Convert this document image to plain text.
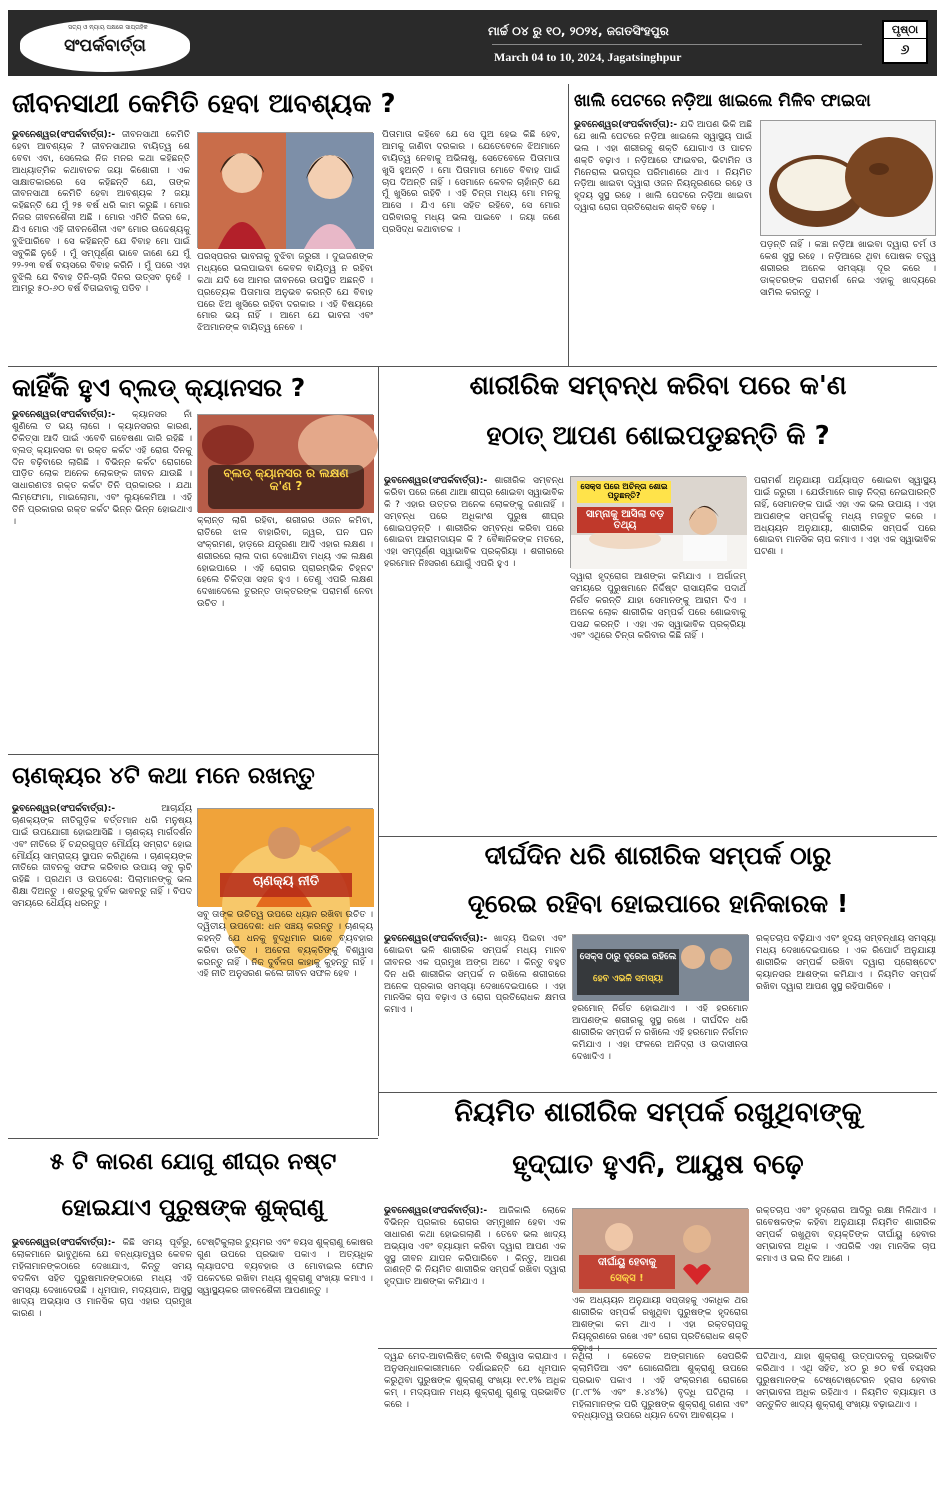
ସତ୍ୟ ଓ ନ୍ୟାୟ ପକ୍ଷରେ ସାପ୍ତାହିକ
ସଂପର୍କବାର୍ତ୍ତା
ମାର୍ଚ୍ଚ ୦୪ ରୁ ୧୦, ୨୦୨୪, ଜଗତସିଂହପୁର
March 04 to 10, 2024, Jagatsinghpur
ପୃଷ୍ଠା
୬
ଜୀବନସାଥୀ କେମିତି ହେବା ଆବଶ୍ୟକ ?
ଭୁବନେଶ୍ୱର(ସଂପର୍କବାର୍ତ୍ତା):- ଜୀବନସାଥୀ କେମିତି ହେବା ଆବଶ୍ୟକ ? ଜୀବନସାଥୀର ବାୟିତ୍ୱ ଶେ ବେବା ଏବା, ସେଲେଇ ନିଜ ମନର କଥା କହିଛନ୍ତି ଆଧ୍ୟାତ୍ମିକ କଥାବାଚକ ଜୟା କିଶୋରୀ । ଏକ ସାକ୍ଷାତକାରରେ ସେ କହିଛନ୍ତି ଯେ, ତାଙ୍କ ଜୀବନସାଥୀ କେମିତି ହେବା ଆବଶ୍ୟକ ? ଜୟା କହିଛନ୍ତି ଯେ ମୁଁ ୨୫ ବର୍ଷ ଧରି କାମ କରୁଛି । ମୋର ନିଜର ଜୀବନଶୈଳୀ ଅଛି । ମୋର ଏମିତି ଜିଜର କେ, ଯିଏ ମୋର ଏହି ଜୀବନଶୈଳୀ ଏବଂ ମୋର ଉଦ୍ଦେଶ୍ୟକୁ ବୁଝିପାରିବେ । ସେ କହିଛନ୍ତି ଯେ ବିବାହ ମୋ ପାଇଁ ସବୁକିଛି ନୁହେଁ । ମୁଁ ସମ୍ପୂର୍ଣ୍ଣ ଭାବେ ଜାଣେ ଯେ ମୁଁ ୨୨-୨୩ ବର୍ଷ ବୟସରେ ବିବାହ କରିନି । ମୁଁ ପରେ ଏହା ବୁଝିଲି ଯେ ବିବାହ ତିନି-ଚାରି ଦିନର ଉତ୍ସବ ନୁହେଁ । ଆମରୁ ୫୦-୬୦ ବର୍ଷ ବିତାଇବାକୁ ପଡିବ ।
ପରସ୍ପରର ଭାବନାକୁ ବୁଝିବା ଜରୁରୀ । ଦୁଇଜଣଙ୍କ ମଧ୍ୟରେ ଭଲପାଇବା କେବଳ ବାୟିତ୍ୱ ନ ରହିବା କଥା ଯଦି ସେ ଆମର ଜୀବନରେ ଉପସ୍ଥିତ ଅଛନ୍ତି । ପ୍ରତ୍ୟେକ ପିତାମାତା ଅନୁଭବ କରନ୍ତି ଯେ ବିବାହ ପରେ ଝିଅ ଖୁସିରେ ରହିବା ଦରକାର । ଏହି ବିଷୟରେ ମୋର ଭୟ ନାହିଁ । ଆମେ ଯେ ଭାବନା ଏବଂ ଝିଅମାନଙ୍କ ବାୟିତ୍ୱ ନେବେ ।
ପିତାମାତା କହିବେ ଯେ ସେ ପୁଅ ହେଇ କିଛି ହେବ, ଆମକୁ ଜାଣିବା ଦରକାର । ଯେତେବେଳେ ଝିଅମାନେ ବାୟିତ୍ୱ ନେବାକୁ ଅଭିଳାଷୁ, ସେତେବେଳେ ପିତାମାତା ଖୁସି ହୁଅନ୍ତି । ମୋ ପିତାମାତା ମୋତେ ବିବାହ ପାଇଁ ଚାପ ଦିଅନ୍ତି ନାହିଁ । ସେମାନେ କେବଳ ଚାହାଁନ୍ତି ଯେ ମୁଁ ଖୁସିରେ ରହିବି । ଏହି ଚିନ୍ତା ମଧ୍ୟ ମୋ ମନକୁ ଆସେ । ଯିଏ ମୋ ସହିତ ରହିବେ, ସେ ମୋର ପରିବାରକୁ ମଧ୍ୟ ଭଲ ପାଇବେ । ଜୟା ଜଣେ ପ୍ରସିଦ୍ଧ କଥାବାଚକ ।
ଖାଲି ପେଟରେ ନଡ଼ିଆ ଖାଇଲେ ମିଳିବ ଫାଇଦା
ଭୁବନେଶ୍ୱର(ସଂପର୍କବାର୍ତ୍ତା):- ଯଦି ଆପଣ ଭିକି ଅଛି ଯେ ଖାଲି ପେଟରେ ନଡ଼ିଆ ଖାଇଲେ ସ୍ୱାସ୍ଥ୍ୟ ପାଇଁ ଭଲ । ଏହା ଶରୀରକୁ ଶକ୍ତି ଯୋଗାଏ ଓ ପାଚନ ଶକ୍ତି ବଢ଼ାଏ । ନଡ଼ିଆରେ ଫାଇବର, ଭିଟାମିନ ଓ ମିନେରାଲ ଭରପୂର ପରିମାଣରେ ଥାଏ । ନିୟମିତ ନଡ଼ିଆ ଖାଇବା ଦ୍ୱାରା ଓଜନ ନିୟନ୍ତ୍ରଣରେ ରହେ ଓ ହୃଦୟ ସୁସ୍ଥ ରହେ । ଖାଲି ପେଟରେ ନଡ଼ିଆ ଖାଇବା ଦ୍ୱାରା ରୋଗ ପ୍ରତିରୋଧକ ଶକ୍ତି ବଢ଼େ ।
ପଡ଼ନ୍ତି ନାହିଁ । କଞ୍ଚା ନଡ଼ିଆ ଖାଇବା ଦ୍ୱାରା ଚର୍ମ ଓ କେଶ ସୁସ୍ଥ ରହେ । ନଡ଼ିଆରେ ଥିବା ପୋଷକ ତତ୍ତ୍ୱ ଶରୀରର ଅନେକ ସମସ୍ୟା ଦୂର କରେ । ଡାକ୍ତରଙ୍କ ପରାମର୍ଶ ନେଇ ଏହାକୁ ଖାଦ୍ୟରେ ସାମିଲ କରନ୍ତୁ ।
କାହିଁକି ହୁଏ ବ୍ଲଡ୍ କ୍ୟାନସର ?
ଭୁବନେଶ୍ୱର(ସଂପର୍କବାର୍ତ୍ତା):- କ୍ୟାନସର ନାଁ ଶୁଣିଲେ ତ ଭୟ ଲାଗେ । କ୍ୟାନସରର କାରଣ, ଚିକିତ୍ସା ଆଦି ପାଇଁ ଏବେବି ଗବେଷଣା ଜାରି ରହିଛି । ବ୍ଲଡ୍ କ୍ୟାନସର ବା ରକ୍ତ କର୍କଟ ଏହି ରୋଗ ଦିନକୁ ଦିନ ବଢ଼ିବାରେ ଲାଗିଛି । ବିଭିନ୍ନ କର୍କଟ ରୋଗରେ ପୀଡ଼ିତ ଲୋକ ଅନେକ ଲୋକଙ୍କ ଜୀବନ ଯାଉଛି । ସାଧାରଣତଃ ରକ୍ତ କର୍କଟ ତିନି ପ୍ରକାରର । ଯଥା ଲିମ୍ଫୋମା, ମାଇଲୋମା, ଏବଂ ଲ୍ୟୁକେମିଆ । ଏହି ତିନି ପ୍ରକାରର ରକ୍ତ କର୍କଟ ଭିନ୍ନ ଭିନ୍ନ ହୋଇଥାଏ ।
ବ୍ଲଡ୍ କ୍ୟାନସର ର ଲକ୍ଷଣ କ'ଣ ?
କ୍ଲାନ୍ତ ଲାଗି ରହିବା, ଶରୀରର ଓଜନ କମିବା, ରାତିରେ ଝାଳ ବାହାରିବା, ଜ୍ୱର, ଘନ ଘନ ସଂକ୍ରମଣ, ହାଡ଼ରେ ଯନ୍ତ୍ରଣା ଆଦି ଏହାର ଲକ୍ଷଣ । ଶରୀରରେ ଲାଲ ଦାଗ ଦେଖାଯିବା ମଧ୍ୟ ଏକ ଲକ୍ଷଣ ହୋଇପାରେ । ଏହି ରୋଗର ପ୍ରାରମ୍ଭିକ ଚିହ୍ନଟ ହେଲେ ଚିକିତ୍ସା ସହଜ ହୁଏ । ତେଣୁ ଏପରି ଲକ୍ଷଣ ଦେଖାଦେଲେ ତୁରନ୍ତ ଡାକ୍ତରଙ୍କ ପରାମର୍ଶ ନେବା ଉଚିତ ।
ଶାରୀରିକ ସମ୍ବନ୍ଧ କରିବା ପରେ କ'ଣ
ହଠାତ୍ ଆପଣ ଶୋଇପଡୁଛନ୍ତି କି ?
ଭୁବନେଶ୍ୱର(ସଂପର୍କବାର୍ତ୍ତା):- ଶାରୀରିକ ସମ୍ବନ୍ଧ କରିବା ପରେ ଜଣେ ଥାଆ ଶୀଘ୍ର ଶୋଇବା ସ୍ୱାଭାବିକ କି ? ଏହାର ଉତ୍ତର ଅନେକ ଲୋକଙ୍କୁ ଜଣାନାହିଁ । ସମ୍ବନ୍ଧ ପରେ ଅଧିକାଂଶ ପୁରୁଷ ଶୀଘ୍ର ଶୋଇପଡ଼ନ୍ତି । ଶାରୀରିକ ସମ୍ବନ୍ଧ କରିବା ପରେ ଶୋଇବା ଆରାମଦାୟକ କି ? ବୈଜ୍ଞାନିକଙ୍କ ମତରେ, ଏହା ସମ୍ପୂର୍ଣ୍ଣ ସ୍ୱାଭାବିକ ପ୍ରକ୍ରିୟା । ଶରୀରରେ ହରମୋନ ନିଃସରଣ ଯୋଗୁଁ ଏପରି ହୁଏ ।
ସେକ୍ସ ପରେ ଅଚିନ୍ତା ଶୋଇ ପଡୁଛନ୍ତି?
ସାମ୍ନାକୁ ଆସିଲା ବଡ଼ ତଥ୍ୟ
ଦ୍ୱାରା ହୃଦ୍ରୋଗ ଆଶଙ୍କା କମିଯାଏ । ଅର୍ଗାଜମ୍ ସମୟରେ ପୁରୁଷମାନେ ନିର୍ଦ୍ଦିଷ୍ଟ ରାସାୟନିକ ପଦାର୍ଥ ନିର୍ଗତ କରନ୍ତି ଯାହା ସେମାନଙ୍କୁ ଆରାମ ଦିଏ । ଅନେକ ଲୋକ ଶାରୀରିକ ସମ୍ପର୍କ ପରେ ଶୋଇବାକୁ ପସନ୍ଦ କରନ୍ତି । ଏହା ଏକ ସ୍ୱାଭାବିକ ପ୍ରକ୍ରିୟା ଏବଂ ଏଥିରେ ଚିନ୍ତା କରିବାର କିଛି ନାହିଁ ।
ପରାମର୍ଶ ଅନୁଯାୟୀ ପର୍ଯ୍ୟାପ୍ତ ଶୋଇବା ସ୍ୱାସ୍ଥ୍ୟ ପାଇଁ ଜରୁରୀ । ଯେଉଁମାନେ ଗାଢ଼ ନିଦ୍ରା ନେଇପାରନ୍ତି ନାହିଁ, ସେମାନଙ୍କ ପାଇଁ ଏହା ଏକ ଭଲ ଉପାୟ । ଏହା ଆପଣଙ୍କ ସମ୍ପର୍କକୁ ମଧ୍ୟ ମଜବୁତ କରେ । ଅଧ୍ୟୟନ ଅନୁଯାୟୀ, ଶାରୀରିକ ସମ୍ପର୍କ ପରେ ଶୋଇବା ମାନସିକ ଚାପ କମାଏ । ଏହା ଏକ ସ୍ୱାଭାବିକ ଘଟଣା ।
ଚାଣକ୍ୟର ୪ଟି କଥା ମନେ ରଖନ୍ତୁ
ଭୁବନେଶ୍ୱର(ସଂପର୍କବାର୍ତ୍ତା):-	ଆଚାର୍ଯ୍ୟ ଚାଣକ୍ୟଙ୍କ ନୀତିଗୁଡ଼ିକ ବର୍ତ୍ତମାନ ଧରି ମନୁଷ୍ୟ ପାଇଁ ଉପଯୋଗୀ ହୋଇଆସିଛି । ଚାଣକ୍ୟ ମାର୍ଗଦର୍ଶନ ଏବଂ ନୀତିରେ ହିଁ ଚନ୍ଦ୍ରଗୁପ୍ତ ମୌର୍ଯ୍ୟ ସମ୍ରାଟ ହୋଇ ମୌର୍ଯ୍ୟ ସାମ୍ରାଜ୍ୟ ସ୍ଥାପନ କରିଥିଲେ । ଚାଣକ୍ୟଙ୍କ ନୀତିରେ ଜୀବନକୁ ସଫଳ କରିବାର ଉପାୟ ସବୁ ଲୁଚି ରହିଛି । ପ୍ରଥମ ଓ ଉପଦେଶ: ପିଲାମାନଙ୍କୁ ଭଲ ଶିକ୍ଷା ଦିଅନ୍ତୁ । ଶତ୍ରୁକୁ ଦୁର୍ବଳ ଭାବନ୍ତୁ ନାହିଁ । ବିପଦ ସମୟରେ ଧୈର୍ଯ୍ୟ ଧରନ୍ତୁ ।
ଚାଣକ୍ୟ ନୀତି
ସବୁ ତାଙ୍କ ଉଚିତ୍ୱ ଉପରେ ଧ୍ୟାନ ରଖିବା ଉଚିତ । ଦ୍ୱିତୀୟ ଉପଦେଶ: ଧନ ସଞ୍ଚୟ କରନ୍ତୁ । ଚାଣକ୍ୟ କହନ୍ତି ଯେ ଧନକୁ ବୁଦ୍ଧିମାନ ଭାବେ ବ୍ୟବହାର କରିବା ଉଚିତ । ଅଚେନା ବ୍ୟକ୍ତିଙ୍କୁ ବିଶ୍ୱାସ କରନ୍ତୁ ନାହିଁ । ନିଜ ଦୁର୍ବଳତା କାହାକୁ କୁହନ୍ତୁ ନାହିଁ । ଏହି ନୀତି ଅନୁସରଣ କଲେ ଜୀବନ ସଫଳ ହେବ ।
ଦୀର୍ଘଦିନ ଧରି ଶାରୀରିକ ସମ୍ପର୍କ ଠାରୁ
ଦୂରେଇ ରହିବା ହୋଇପାରେ ହାନିକାରକ !
ଭୁବନେଶ୍ୱର(ସଂପର୍କବାର୍ତ୍ତା):- ଖାଦ୍ୟ ପିଇବା ଏବଂ ଶୋଇବା ଭଳି ଶାରୀରିକ ସମ୍ପର୍କ ମଧ୍ୟ ମାନବ ଜୀବନର ଏକ ପ୍ରମୁଖ ଅଙ୍ଗ ଅଟେ । କିନ୍ତୁ ବହୁତ ଦିନ ଧରି ଶାରୀରିକ ସମ୍ପର୍କ ନ ରଖିଲେ ଶରୀରରେ ଅନେକ ପ୍ରକାର ସମସ୍ୟା ଦେଖାଦେଇପାରେ । ଏହା ମାନସିକ ଚାପ ବଢ଼ାଏ ଓ ରୋଗ ପ୍ରତିରୋଧକ କ୍ଷମତା କମାଏ ।
ସେକ୍ସ ଠାରୁ ଦୂରେଇ ରହିଲେ
ହେବ ଏଭଳି ସମସ୍ୟା
ହରମୋନ୍ ନିର୍ଗତ ହୋଇଥାଏ । ଏହି ହରମୋନ ଆପଣଙ୍କ ଶରୀରକୁ ସୁସ୍ଥ ରଖେ । ଦୀର୍ଘଦିନ ଧରି ଶାରୀରିକ ସମ୍ପର୍କ ନ ରଖିଲେ ଏହି ହରମୋନ ନିର୍ଗମନ କମିଯାଏ । ଏହା ଫଳରେ ଅନିଦ୍ରା ଓ ଉଦାସୀନତା ଦେଖାଦିଏ ।
ରକ୍ତଚାପ ବଢ଼ିଯାଏ ଏବଂ ହୃଦୟ ସମ୍ବନ୍ଧୀୟ ସମସ୍ୟା ମଧ୍ୟ ଦେଖାଦେଇପାରେ । ଏକ ରିପୋର୍ଟ ଅନୁଯାୟୀ ଶାରୀରିକ ସମ୍ପର୍କ ରଖିବା ଦ୍ୱାରା ପ୍ରୋଷ୍ଟେଟ କ୍ୟାନସର ଆଶଙ୍କା କମିଯାଏ । ନିୟମିତ ସମ୍ପର୍କ ରଖିବା ଦ୍ୱାରା ଆପଣ ସୁସ୍ଥ ରହିପାରିବେ ।
ନିୟମିତ ଶାରୀରିକ ସମ୍ପର୍କ ରଖୁଥିବାଙ୍କୁ
ହୃଦ୍‌ଘାତ ହୁଏନି, ଆୟୁଷ ବଢ଼େ
ଭୁବନେଶ୍ୱର(ସଂପର୍କବାର୍ତ୍ତା):- ଆଜିକାଲି ଲୋକେ ବିଭିନ୍ନ ପ୍ରକାର ରୋଗର ସମ୍ମୁଖୀନ ହେବା ଏକ ସାଧାରଣ କଥା ହୋଇଗଲାଣି । ତେବେ ଭଲ ଖାଦ୍ୟ ଅଭ୍ୟାସ ଏବଂ ବ୍ୟାୟାମ କରିବା ଦ୍ୱାରା ଆପଣ ଏକ ସୁସ୍ଥ ଜୀବନ ଯାପନ କରିପାରିବେ । କିନ୍ତୁ, ଆପଣ ଜାଣନ୍ତି କି ନିୟମିତ ଶାରୀରିକ ସମ୍ପର୍କ ରଖିବା ଦ୍ୱାରା ହୃଦ୍‌ଘାତ ଆଶଙ୍କା କମିଯାଏ ।
ଦୀର୍ଘାୟୁ ହେବାକୁ
ସେକ୍ସ !
ଏକ ଅଧ୍ୟୟନ ଅନୁଯାୟୀ ସପ୍ତାହକୁ ଏକାଧିକ ଥର ଶାରୀରିକ ସମ୍ପର୍କ ରଖୁଥିବା ପୁରୁଷଙ୍କ ହୃଦରୋଗ ଆଶଙ୍କା କମ ଥାଏ । ଏହା ରକ୍ତଚାପକୁ ନିୟନ୍ତ୍ରଣରେ ରଖେ ଏବଂ ରୋଗ ପ୍ରତିରୋଧକ ଶକ୍ତି
ରକ୍ତଚାପ ଏବଂ ହୃଦ୍ରୋଗ ଆଦିରୁ ରକ୍ଷା ମିଳିଥାଏ । ଗବେଷକଙ୍କ କହିବା ଅନୁଯାୟୀ ନିୟମିତ ଶାରୀରିକ ସମ୍ପର୍କ ରଖୁଥିବା ବ୍ୟକ୍ତିଙ୍କ ଦୀର୍ଘାୟୁ ହେବାର ସମ୍ଭାବନା ଅଧିକ । ଏପରିକି ଏହା ମାନସିକ ଚାପ କମାଏ ଓ ଭଲ ନିଦ ଆଣେ ।
୫ ଟି କାରଣ ଯୋଗୁ ଶୀଘ୍ର ନଷ୍ଟ
ହୋଇଯାଏ ପୁରୁଷଙ୍କ ଶୁକ୍ରାଣୁ
ଭୁବନେଶ୍ୱର(ସଂପର୍କବାର୍ତ୍ତା):- କିଛି ସମୟ ପୂର୍ବରୁ, ଲୋକମାନେ ଭାବୁଥିଲେ ଯେ ବନ୍ଧ୍ୟାତ୍ୱର କେବଳ ମହିଳାମାନଙ୍କଠାରେ ଦେଖାଯାଏ, କିନ୍ତୁ ସମୟ ବଦଳିବା ସହିତ ପୁରୁଷମାନଙ୍କଠାରେ ମଧ୍ୟ ଏହି ସମସ୍ୟା ଦେଖାଦେଉଛି । ଧୂମପାନ, ମଦ୍ୟପାନ, ଅସୁସ୍ଥ ଖାଦ୍ୟ ଅଭ୍ୟାସ ଓ ମାନସିକ ଚାପ ଏହାର ପ୍ରମୁଖ କାରଣ ।
ଟେଷ୍ଟିକୁଲାର ଟ୍ୟୁମର ଏବଂ ବୟସ ଶୁକ୍ରାଣୁ କୋଷର ଗୁଣ ଉପରେ ପ୍ରଭାବ ପକାଏ । ଅତ୍ୟଧିକ ଲ୍ୟାପଟପ ବ୍ୟବହାର ଓ ମୋବାଇଲ ଫୋନ ପକେଟରେ ରଖିବା ମଧ୍ୟ ଶୁକ୍ରାଣୁ ସଂଖ୍ୟା କମାଏ । ସ୍ୱାସ୍ଥ୍ୟକର ଜୀବନଶୈଳୀ ଆପଣାନ୍ତୁ ।
ଦ୍ୱନ୍ଦ ମେଦ-ଆବାଲିଷିତ୍ ବୋଲି ବିଶ୍ୱାସ କରାଯାଏ । ଅନୁସନ୍ଧାନକାରୀମାନେ ଦର୍ଶାଇଛନ୍ତି ଯେ ଧୂମପାନ କରୁଥିବା ପୁରୁଷଙ୍କ ଶୁକ୍ରାଣୁ ସଂଖ୍ୟା ୧୯.୧% ଅଧିକ କମ୍ । ମଦ୍ୟପାନ ମଧ୍ୟ ଶୁକ୍ରାଣୁ ଗୁଣକୁ ପ୍ରଭାବିତ କରେ ।
ନଥିଲା । କେତେକ ଅଙ୍ଗମାନେ ସେପରିକି କ୍ଲାମିଡିଆ ଏବଂ ଗୋନୋରିଆ ଶୁକ୍ରାଣୁ ଉପରେ ପ୍ରଭାବ ପକାଏ । ଏହି ସଂକ୍ରମଣ ରୋଗରେ (୮.୯୮% ଏବଂ ୫.୪୪%) ବୃଦ୍ଧି ଘଟିଥିଲା । ମହିଳାମାନଙ୍କ ପରି ପୁରୁଷଙ୍କ ଶୁକ୍ରାଣୁ ଗଣନା ଏବଂ ବନ୍ଧ୍ୟାତ୍ୱ ଉପରେ ଧ୍ୟାନ ଦେବା ଆବଶ୍ୟକ ।
ଘଟିଥାଏ, ଯାହା ଶୁକ୍ରାଣୁ ଉତ୍ପାଦନକୁ ପ୍ରଭାବିତ କରିଥାଏ । ଏଥି ସହିତ, ୪୦ ରୁ ୭୦ ବର୍ଷ ବୟସର ପୁରୁଷମାନଙ୍କ ଟେଷ୍ଟୋଷ୍ଟେରନ ହ୍ରାସ ହେବାର ସମ୍ଭାବନା ଅଧିକ ରହିଥାଏ । ନିୟମିତ ବ୍ୟାୟାମ ଓ ସନ୍ତୁଳିତ ଖାଦ୍ୟ ଶୁକ୍ରାଣୁ ସଂଖ୍ୟା ବଢ଼ାଇଥାଏ ।
